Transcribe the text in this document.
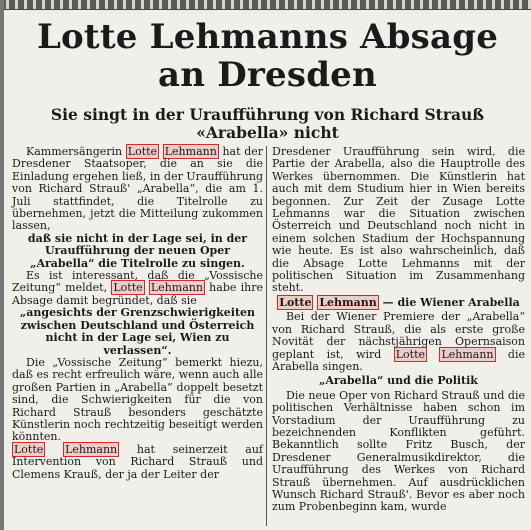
Lotte Lehmanns Absage an Dresden
Sie singt in der Uraufführung von Richard Strauß «Arabella» nicht

Kammersängerin Lotte Lehmann hat der Dresdener Staatsoper, die an sie die Einladung ergehen ließ, in der Uraufführung von Richard Strauß' „Arabella“, die am 1. Juli stattfindet, die Titelrolle zu übernehmen, jetzt die Mitteilung zukommen lassen,

daß sie nicht in der Lage sei, in der Uraufführung der neuen Oper „Arabella“ die Titelrolle zu singen.

Es ist interessant, daß die „Vossische Zeitung“ meldet, Lotte Lehmann habe ihre Absage damit begründet, daß sie

„angesichts der Grenzschwierigkeiten zwischen Deutschland und Österreich nicht in der Lage sei, Wien zu verlassen“.

Die „Vossische Zeitung“ bemerkt hiezu, daß es recht erfreulich wäre, wenn auch alle großen Partien in „Arabella“ doppelt besetzt sind, die Schwierigkeiten für die von Richard Strauß besonders geschätzte Künstlerin noch rechtzeitig beseitigt werden könnten.

Lotte Lehmann hat seinerzeit auf Intervention von Richard Strauß und Clemens Krauß, der ja der Leiter der

Dresdener Uraufführung sein wird, die Partie der Arabella, also die Hauptrolle des Werkes übernommen. Die Künstlerin hat auch mit dem Studium hier in Wien bereits begonnen. Zur Zeit der Zusage Lotte Lehmanns war die Situation zwischen Österreich und Deutschland noch nicht in einem solchen Stadium der Hochspannung wie heute. Es ist also wahrscheinlich, daß die Absage Lotte Lehmanns mit der politischen Situation im Zusammenhang steht.

Lotte Lehmann — die Wiener Arabella

Bei der Wiener Premiere der „Arabella“ von Richard Strauß, die als erste große Novität der nächstjährigen Opernsaison geplant ist, wird Lotte Lehmann die Arabella singen.

„Arabella“ und die Politik

Die neue Oper von Richard Strauß und die politischen Verhältnisse haben schon im Vorstadium der Uraufführung zu bezeichnenden Konflikten geführt. Bekanntlich sollte Fritz Busch, der Dresdener Generalmusikdirektor, die Uraufführung des Werkes von Richard Strauß übernehmen. Auf ausdrücklichen Wunsch Richard Strauß'. Bevor es aber noch zum Probenbeginn kam, wurde
